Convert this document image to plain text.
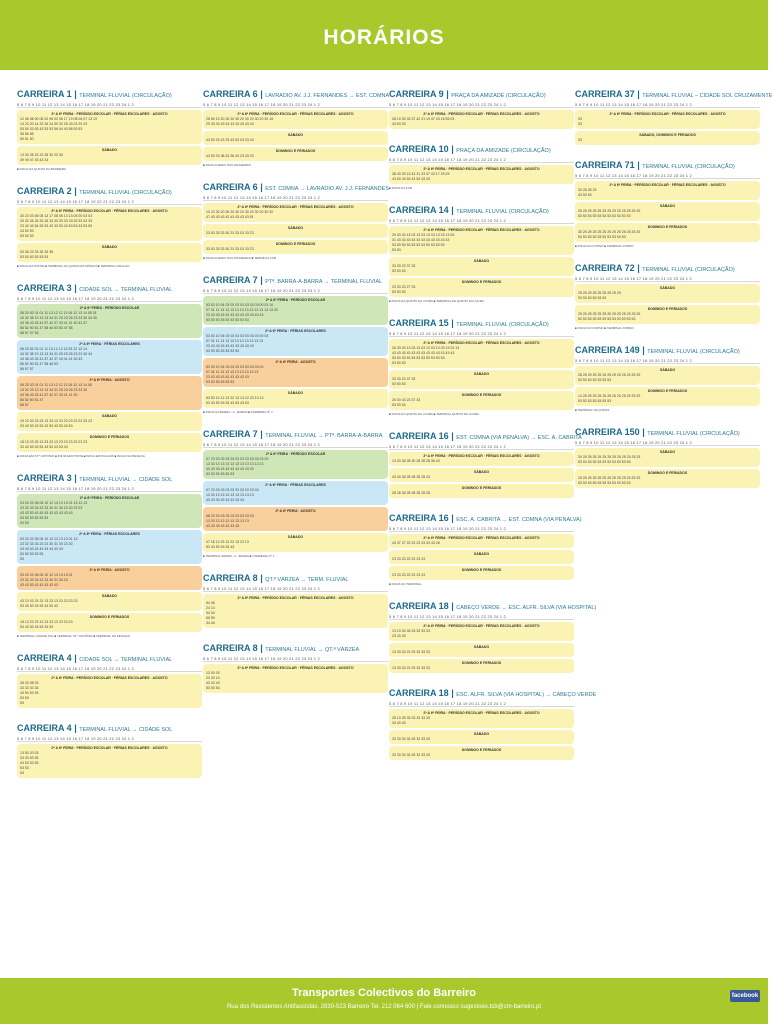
HORÁRIOS
CARREIRA 1 | TERMINAL FLUVIAL (CIRCULAÇÃO)
5 6 7 8 9 10 11 12 13 14 15 16 17 18 19 20 21 22 23 24 1 2
2ª A 6ª FEIRA · PERÍODO ESCOLAR · FÉRIAS ESCOLARES · AGOSTO
12 36 08 00 06 02 06 02 06 17 19 08 06 07 13 13
13 23 20 14 23 26 24 30 32 26 33 23 29 23
53 50 33 53 43 53 53 56 54 43 58 53 53
35 56 55
50 51 50
SÁBADO
13 30 28 23 23 28 30 23 30
39 49 47 43 43 43
■ INICIA NA QUINTA DA BARREIRA
CARREIRA 2 | TERMINAL FLUVIAL (CIRCULAÇÃO)
5 6 7 8 9 10 11 12 13 14 15 16 17 18 19 20 21 22 23 24 1 2
2ª A 6ª FEIRA · PERÍODO ESCOLAR · FÉRIAS ESCOLARES · AGOSTO
30 23 03 06 08 13 17 08 05 13 13 05 00 03 03
33 32 26 33 33 26 33 33 33 33 33 33 33 33 33
23 42 43 54 53 53 43 33 53 43 53 53 43 53 53
43 53 53
53 53 53
SÁBADO
03 06 23 33 35 33 35
53 53 53 53 53 53
■ INICIA NA PONTE ■ TERMINAL DA QUINTA DA MÓNICA ■ TERMINAL FIDALGO
CARREIRA 3 | CIDADE SOL → TERMINAL FLUVIAL
5 6 7 8 9 10 11 12 13 14 15 16 17 18 19 20 21 22 23 24 1 2
2ª A 6ª FEIRA · PERÍODO ESCOLAR
08 20 52 01 01 11 13 12 12 12 05 12 13 14 05 01
16 32 38 13 13 13 34 31 25 23 26 23 23 30 34 30
43 36 43 33 41 57 42 37 43 41 41 30 43 37
56 52 50 51 47 58 46 53 53 47 58
58 57 57 53
2ª A 6ª FEIRA · FÉRIAS ESCOLARES
08 20 52 01 01 11 13 12 12 12 05 12 13 14
16 32 38 13 13 13 34 31 25 23 26 23 23 30 34
43 36 43 33 41 57 42 37 43 41 41 30 43
56 52 50 51 47 58 46 53
58 57 57
2ª A 6ª FEIRA · AGOSTO
08 23 02 01 01 11 13 12 12 12 05 12 13 14 05
13 32 23 13 13 13 34 31 25 23 26 23 23 30
43 36 43 33 41 57 42 37 43 41 41 30
56 52 50 51 47
58 57
SÁBADO
15 23 33 23 23 13 23 13 23 23 23 23 23 33 23
33 43 53 43 53 43 53 43 53 43 53
DOMINGO E FERIADOS
18 13 23 23 13 23 23 13 23 23 23 23 23 23
33 43 53 43 53 43 53 43 53 43
■ INICIA EM ST.º ANTÓNIO ■ INICIA EM PONTE ■ INICIA EM PALHAIS ■ INICIA NA PENALVA
CARREIRA 3 | TERMINAL FLUVIAL → CIDADE SOL
5 6 7 8 9 10 11 12 13 14 15 16 17 18 19 20 21 22 23 24 1 2
2ª A 6ª FEIRA · PERÍODO ESCOLAR
03 20 22 06 06 10 12 13 13 13 01 13 13 13
23 32 33 33 23 23 30 31 30 23 30 23 23
43 43 53 43 43 43 43 43 43 43 43
53 53 53 53 53 53
53 53
2ª A 6ª FEIRA · FÉRIAS ESCOLARES
03 20 22 06 06 10 12 13 13 13 01 13
23 32 33 33 23 23 30 31 30 23 30
43 43 53 43 43 43 43 43 43
53 53 53 53 53
53
2ª A 6ª FEIRA · AGOSTO
03 20 22 06 06 10 12 13 13 13 01
23 32 33 33 23 23 30 31 30 23
43 43 53 43 43 43 43 43
SÁBADO
43 13 03 23 23 13 23 13 23 23 23 23
53 43 53 43 53 43 53 43
DOMINGO E FERIADOS
18 13 23 23 13 23 23 13 23 23 23
53 43 53 43 53 43 53
■ TERMINAL CIDADE SOL ■ TERMINAL ST.º ANTÓNIO ■ TERMINAL DA PENALVA
CARREIRA 4 | CIDADE SOL → TERMINAL FLUVIAL
5 6 7 8 9 10 11 12 13 14 15 16 17 18 19 20 21 22 23 24 1 2
2ª A 6ª FEIRA · PERÍODO ESCOLAR · FÉRIAS ESCOLARES · AGOSTO
28 03 08 03
33 33 33 33
43 53 53 53
53 53
53
CARREIRA 4 | TERMINAL FLUVIAL → CIDADE SOL
5 6 7 8 9 10 11 12 13 14 15 16 17 18 19 20 21 22 23 24 1 2
2ª A 6ª FEIRA · PERÍODO ESCOLAR · FÉRIAS ESCOLARES · AGOSTO
13 53 20 03
33 33 53 53
43 53 53 53
53 53
53
CARREIRA 6 | LAVRADIO AV. J.J. FERNANDES → EST. CDMNA
5 6 7 8 9 10 11 12 13 14 15 16 17 18 19 20 21 22 23 24 1 2
2ª A 6ª FEIRA · PERÍODO ESCOLAR · FÉRIAS ESCOLARES · AGOSTO
28 50 13 20 30 20 30 20 30 20 30 20 30 16
29 43 43 43 43 43 43 43 43 43
SÁBADO
43 53 23 43 23 43 53 03 23 43
DOMINGO E FERIADOS
43 53 23 38 43 28 43 23 43 03
■ FIDALGUEIRO DAS PALMEIRAS
CARREIRA 6 | EST. CDMNA → LAVRADIO AV. J.J. FERNANDES
5 6 7 8 9 10 11 12 13 14 15 16 17 18 19 20 21 22 23 24 1 2
2ª A 6ª FEIRA · PERÍODO ESCOLAR · FÉRIAS ESCOLARES · AGOSTO
10 23 30 20 30 20 30 20 30 20 30 20 30 30
47 43 43 43 43 43 43 43 43 51
SÁBADO
23 53 33 23 30 23 33 03 33 23
DOMINGO E FERIADOS
33 53 33 23 30 23 33 03 33 23
■ FIDALGUEIRO DAS PALMEIRAS ■ TERMINAL FCB
CARREIRA 7 | PTª. BARRA-A-BARRA → TERMINAL FLUVIAL
5 6 7 8 9 10 11 12 13 14 15 16 17 18 19 20 21 22 23 24 1 2
2ª A 6ª FEIRA · PERÍODO ESCOLAR
53 53 10 04 03 03 03 03 03 03 03 00 03 10
07 31 11 13 13 13 13 13 13 13 13 13 13 13 23
23 43 43 43 43 43 43 43 43 43 43 43
53 53 53 53 53 53 53 53 53
2ª A 6ª FEIRA · FÉRIAS ESCOLARES
53 53 10 04 03 03 03 03 03 03 03 00 03
07 31 11 13 13 13 13 13 13 13 13 13
23 43 43 43 43 43 43 43 43 43
53 53 53 53 53 53 53
2ª A 6ª FEIRA · AGOSTO
53 53 10 04 03 03 03 03 03 03 03 00
07 31 11 13 13 13 13 13 13 13 13
23 43 43 43 43 43 43 43 43
53 53 53 53 53 53
SÁBADO
53 53 10 12 13 22 13 13 22 23 13 13
53 43 53 43 53 43 53 43 53
■ INICIA NA BARRA - A - BARRA ■ CARREIRA Nº 7
CARREIRA 7 | TERMINAL FLUVIAL → PTª. BARRA-A-BARRA
5 6 7 8 9 10 11 12 13 14 15 16 17 18 19 20 21 22 23 24 1 2
2ª A 6ª FEIRA · PERÍODO ESCOLAR
07 23 03 03 03 03 03 03 03 03 03 03 03
13 33 13 13 13 13 13 13 13 13 13 13
43 43 43 43 43 43 43 43 43 43
53 53 53 53 53 53
2ª A 6ª FEIRA · FÉRIAS ESCOLARES
07 23 03 03 03 03 03 03 03 03 03
13 33 13 13 13 13 13 13 13 13
43 43 43 43 43 43 43 43
2ª A 6ª FEIRA · AGOSTO
08 23 03 03 03 03 03 03 03 03
13 33 13 13 13 13 13 13 13
43 43 43 43 43 43 43
SÁBADO
47 18 13 23 13 23 13 23 13
53 43 53 43 53 43
■ TERMINAL BARRA - A - BARRA ■ CARREIRA Nº 7
CARREIRA 8 | QT.ª VÁRZEA → TERM. FLUVIAL
5 6 7 8 9 10 11 12 13 14 15 16 17 18 19 20 21 22 23 24 1 2
2ª A 6ª FEIRA · PERÍODO ESCOLAR · FÉRIAS ESCOLARES · AGOSTO
54 36
24 13
34 34
55 59
34 44
CARREIRA 8 | TERMINAL FLUVIAL → QT.ª VÁRZEA
5 6 7 8 9 10 11 12 13 14 15 16 17 18 19 20 21 22 23 24 1 2
2ª A 6ª FEIRA · PERÍODO ESCOLAR · FÉRIAS ESCOLARES · AGOSTO
13 03 03
23 33 13
43 43 43
53 53 53
CARREIRA 9 | PRAÇA DA AMIZADE (CIRCULAÇÃO)
5 6 7 8 9 10 11 12 13 14 15 16 17 18 19 20 21 22 23 24 1 2
2ª A 6ª FEIRA · PERÍODO ESCOLAR · FÉRIAS ESCOLARES · AGOSTO
28 19 33 33 37 42 21 19 47 43 16 55 03
43 53 03
CARREIRA 10 | PRAÇA DA AMIZADE (CIRCULAÇÃO)
5 6 7 8 9 10 11 12 13 14 15 16 17 18 19 20 21 22 23 24 1 2
2ª A 6ª FEIRA · PERÍODO ESCOLAR · FÉRIAS ESCOLARES · AGOSTO
38 43 33 13 43 31 23 37 43 17 29 29
43 53 43 53 43 53 43 33
■ INICIA NA FCB
CARREIRA 14 | TERMINAL FLUVIAL (CIRCULAÇÃO)
5 6 7 8 9 10 11 12 13 14 15 16 17 18 19 20 21 22 23 24 1 2
2ª A 6ª FEIRA · PERÍODO ESCOLAR · FÉRIAS ESCOLARES · AGOSTO
25 33 03 13 03 13 03 13 03 13 03 13 03
31 43 43 43 43 43 43 43 43 43 43 43
53 53 53 53 53 53 53 53 53 53 53
53 53
SÁBADO
33 33 23 37 33
53 53 53
DOMINGO E FERIADOS
23 03 23 27 33
53 53 53
■ INICIA NA QUINTA DA LOURA ■ TERMINAL DA QUINTA DA LOURA
CARREIRA 15 | TERMINAL FLUVIAL (CIRCULAÇÃO)
5 6 7 8 9 10 11 12 13 14 15 16 17 18 19 20 21 22 23 24 1 2
2ª A 6ª FEIRA · PERÍODO ESCOLAR · FÉRIAS ESCOLARES · AGOSTO
26 33 03 13 03 13 03 13 03 13 03 13 03 13
43 43 43 43 43 43 43 43 43 43 43 43 43
53 53 53 53 53 53 53 53 53 53 53
53 53 53
SÁBADO
33 33 23 37 33
53 53 53
DOMINGO E FERIADOS
26 03 43 23 37 33
53 53 53
■ INICIA NA QUINTA DA LOURA ■ TERMINAL QUINTA DA LOURA
CARREIRA 16 | EST. CDMNA (VIA PENALVA) → ESC. A. CABRITA
5 6 7 8 9 10 11 12 13 14 15 16 17 18 19 20 21 22 23 24 1 2
2ª A 6ª FEIRA · PERÍODO ESCOLAR · FÉRIAS ESCOLARES · AGOSTO
13 33 28 28 30 28 28 28 35 43
SÁBADO
43 43 28 28 28 28 28 43
DOMINGO E FERIADOS
28 28 28 28 28 28 28 28
CARREIRA 16 | ESC. A. CABRITA → EST. CDMNA (VIA PENALVA)
5 6 7 8 9 10 11 12 13 14 15 16 17 18 19 20 21 22 23 24 1 2
2ª A 6ª FEIRA · PERÍODO ESCOLAR · FÉRIAS ESCOLARES · AGOSTO
43 37 27 23 23 23 23 33 43 28
SÁBADO
23 23 23 23 23 23 23
DOMINGO E FERIADOS
23 23 23 23 23 23 23
■ INICIA NO TERMINAL
CARREIRA 18 | CABEÇO VERDE → ESC. ALFR. SILVA (VIA HOSPITAL)
5 6 7 8 9 10 11 12 13 14 15 16 17 18 19 20 21 22 23 24 1 2
2ª A 6ª FEIRA · PERÍODO ESCOLAR · FÉRIAS ESCOLARES · AGOSTO
13 13 33 33 33 33 33 33
23 43 43
SÁBADO
13 33 33 23 33 33 33 33
DOMINGO E FERIADOS
13 33 33 23 33 33 33 33
CARREIRA 18 | ESC. ALFR. SILVA (VIA HOSPITAL) → CABEÇO VERDE
5 6 7 8 9 10 11 12 13 14 15 16 17 18 19 20 21 22 23 24 1 2
2ª A 6ª FEIRA · PERÍODO ESCOLAR · FÉRIAS ESCOLARES · AGOSTO
28 13 28 33 33 33 33 33
33 43 43
SÁBADO
33 33 33 33 33 33 33 33
DOMINGO E FERIADOS
33 33 33 33 33 33 33 33
CARREIRA 37 | TERMINAL FLUVIAL – CIDADE SOL CRUZAMENTE
5 6 7 8 9 10 11 12 13 14 15 16 17 18 19 20 21 22 23 24 1 2
2ª A 6ª FEIRA · PERÍODO ESCOLAR · FÉRIAS ESCOLARES · AGOSTO
33
33
SÁBADO, DOMINGO E FERIADOS
33
CARREIRA 71 | TERMINAL FLUVIAL (CIRCULAÇÃO)
5 6 7 8 9 10 11 12 13 14 15 16 17 18 19 20 21 22 23 24 1 2
2ª A 6ª FEIRA · PERÍODO ESCOLAR · FÉRIAS ESCOLARES · AGOSTO
30 28 28 23
43 53 53
SÁBADO
25 25 25 25 25 25 25 25 25 25 25 25 25
53 53 53 53 53 53 53 53 53 53 53
DOMINGO E FERIADOS
30 25 25 25 25 25 25 25 25 25 25 25 25
53 53 53 53 53 53 53 53 53 53
■ INICIA NO FORNO ■ TERMINAL FORNO
CARREIRA 72 | TERMINAL FLUVIAL (CIRCULAÇÃO)
5 6 7 8 9 10 11 12 13 14 15 16 17 18 19 20 21 22 23 24 1 2
SÁBADO
25 25 25 25 25 25 25 25 25
53 53 53 53 53 53
DOMINGO E FERIADOS
25 25 25 25 25 25 25 25 25 25 25 25 25
53 53 53 53 53 53 53 53 53 53 53 53
■ INICIA NO FORNO ■ TERMINAL FORNO
CARREIRA 149 | TERMINAL FLUVIAL (CIRCULAÇÃO)
5 6 7 8 9 10 11 12 13 14 15 16 17 18 19 20 21 22 23 24 1 2
SÁBADO
28 25 25 25 25 25 25 25 25 25 25 25 25
53 53 53 53 53 53 53
DOMINGO E FERIADOS
14 25 25 25 25 25 25 25 25 25 25 25 25
53 53 53 53 53 53 53
■ TERMINAL NA QUINTA
CARREIRA 150 | TERMINAL FLUVIAL (CIRCULAÇÃO)
5 6 7 8 9 10 11 12 13 14 15 16 17 18 19 20 21 22 23 24 1 2
SÁBADO
30 25 25 25 25 25 25 25 25 25 25 25 25
53 53 53 53 53 53 53 53 53 53 53
DOMINGO E FERIADOS
25 25 25 25 25 25 25 25 25 25 25 25 25
53 53 53 53 53 53 53 53 53 53 53
Transportes Colectivos do Barreiro
Rua dos Resistentes Antifascistas, 2830-523 Barreiro Tel. 212 064 600 | Fale connosco sugestoes.tcb@cm-barreiro.pt
facebook
